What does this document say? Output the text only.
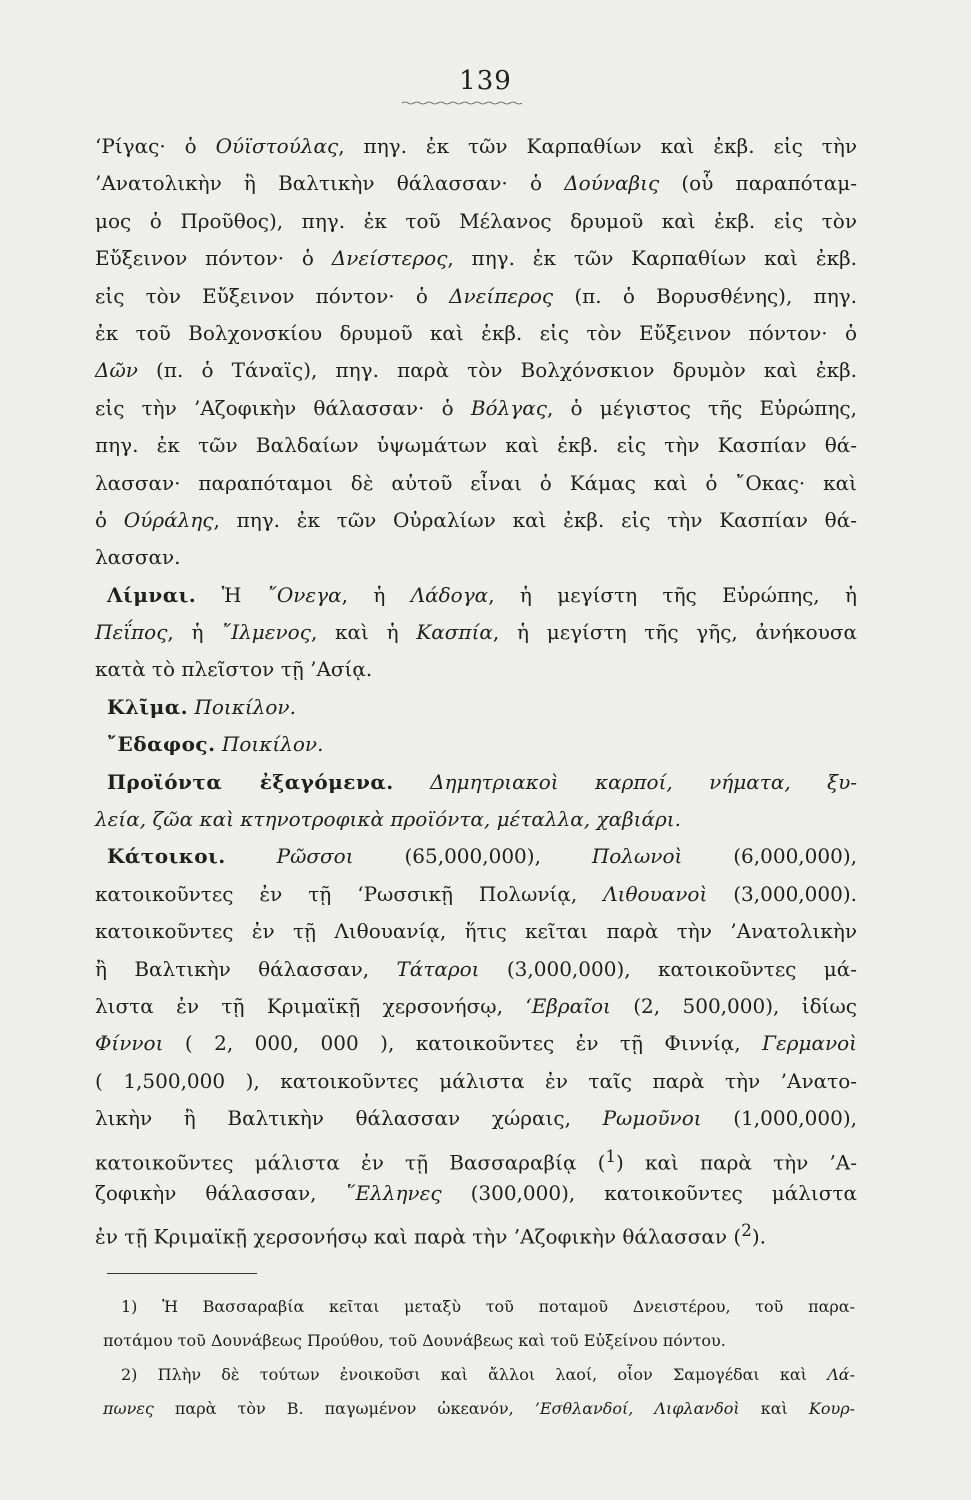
139
‘Ρίγας· ὁ Ούϊστούλας, πηγ. ἐκ τῶν Καρπαθίων καὶ ἐκβ. εἰς τὴν
’Ανατολικὴν ἢ Βαλτικὴν θάλασσαν· ὁ Δούναβις (οὗ παραπόταμ-
μος ὁ Προῦθος), πηγ. ἐκ τοῦ Μέλανος δρυμοῦ καὶ ἐκβ. εἰς τὸν
Εὔξεινον πόντον· ὁ Δνείστερος, πηγ. ἐκ τῶν Καρπαθίων καὶ ἐκβ.
εἰς τὸν Εὔξεινον πόντον· ὁ Δνείπερος (π. ὁ Βορυσθένης), πηγ.
ἐκ τοῦ Βολχονσκίου δρυμοῦ καὶ ἐκβ. εἰς τὸν Εὔξεινον πόντον· ὁ
Δῶν (π. ὁ Τάναϊς), πηγ. παρὰ τὸν Βολχόνσκιον δρυμὸν καὶ ἐκβ.
εἰς τὴν ’Αζοφικὴν θάλασσαν· ὁ Βόλγας, ὁ μέγιστος τῆς Εὐρώπης,
πηγ. ἐκ τῶν Βαλδαίων ὑψωμάτων καὶ ἐκβ. εἰς τὴν Κασπίαν θά-
λασσαν· παραπόταμοι δὲ αὐτοῦ εἶναι ὁ Κάμας καὶ ὁ ῎Οκας· καὶ
ὁ Ούράλης, πηγ. ἐκ τῶν Οὐραλίων καὶ ἐκβ. εἰς τὴν Κασπίαν θά-
λασσαν.
Λίμναι. Ἡ ῎Ονεγα, ἡ Λάδογα, ἡ μεγίστη τῆς Εὐρώπης, ἡ
Πεΐπος, ἡ ῎Ιλμενος, καὶ ἡ Κασπία, ἡ μεγίστη τῆς γῆς, ἀνήκουσα
κατὰ τὸ πλεῖστον τῇ ’Ασίᾳ.
Κλῖμα. Ποικίλον.
῎Εδαφος. Ποικίλον.
Προϊόντα ἐξαγόμενα. Δημητριακοὶ καρποί, νήματα, ξυ-
λεία, ζῶα καὶ κτηνοτροφικὰ προϊόντα, μέταλλα, χαβιάρι.
Κάτοικοι. Ρῶσσοι (65,000,000), Πολωνοὶ (6,000,000),
κατοικοῦντες ἐν τῇ ‘Ρωσσικῇ Πολωνίᾳ, Λιθουανοὶ (3,000,000).
κατοικοῦντες ἐν τῇ Λιθουανίᾳ, ἥτις κεῖται παρὰ τὴν ’Ανατολικὴν
ἢ Βαλτικὴν θάλασσαν, Τάταροι (3,000,000), κατοικοῦντες μά-
λιστα ἐν τῇ Κριμαϊκῇ χερσονήσῳ, ‘Εβραῖοι (2, 500,000), ἰδίως
Φίννοι ( 2, 000, 000 ), κατοικοῦντες ἐν τῇ Φιννίᾳ, Γερμανοὶ
( 1,500,000 ), κατοικοῦντες μάλιστα ἐν ταῖς παρὰ τὴν ’Ανατο-
λικὴν ἢ Βαλτικὴν θάλασσαν χώραις, Ρωμοῦνοι (1,000,000),
κατοικοῦντες μάλιστα ἐν τῇ Βασσαραβίᾳ ($^1$) καὶ παρὰ τὴν ’Α-
ζοφικὴν θάλασσαν, ῞Ελληνες (300,000), κατοικοῦντες μάλιστα
ἐν τῇ Κριμαϊκῇ χερσονήσῳ καὶ παρὰ τὴν ’Αζοφικὴν θάλασσαν ($^2$).
1) Ἡ Βασσαραβία κεῖται μεταξὺ τοῦ ποταμοῦ Δνειστέρου, τοῦ παρα-
ποτάμου τοῦ Δουνάβεως Προύθου, τοῦ Δουνάβεως καὶ τοῦ Εὐξείνου πόντου.
2) Πλὴν δὲ τούτων ἐνοικοῦσι καὶ ἄλλοι λαοί, οἷον Σαμογέδαι καὶ Λά-
πωνες παρὰ τὸν Β. παγωμένον ὠκεανόν, ’Εσθλανδοί, Λιφλανδοὶ καὶ Κουρ-
